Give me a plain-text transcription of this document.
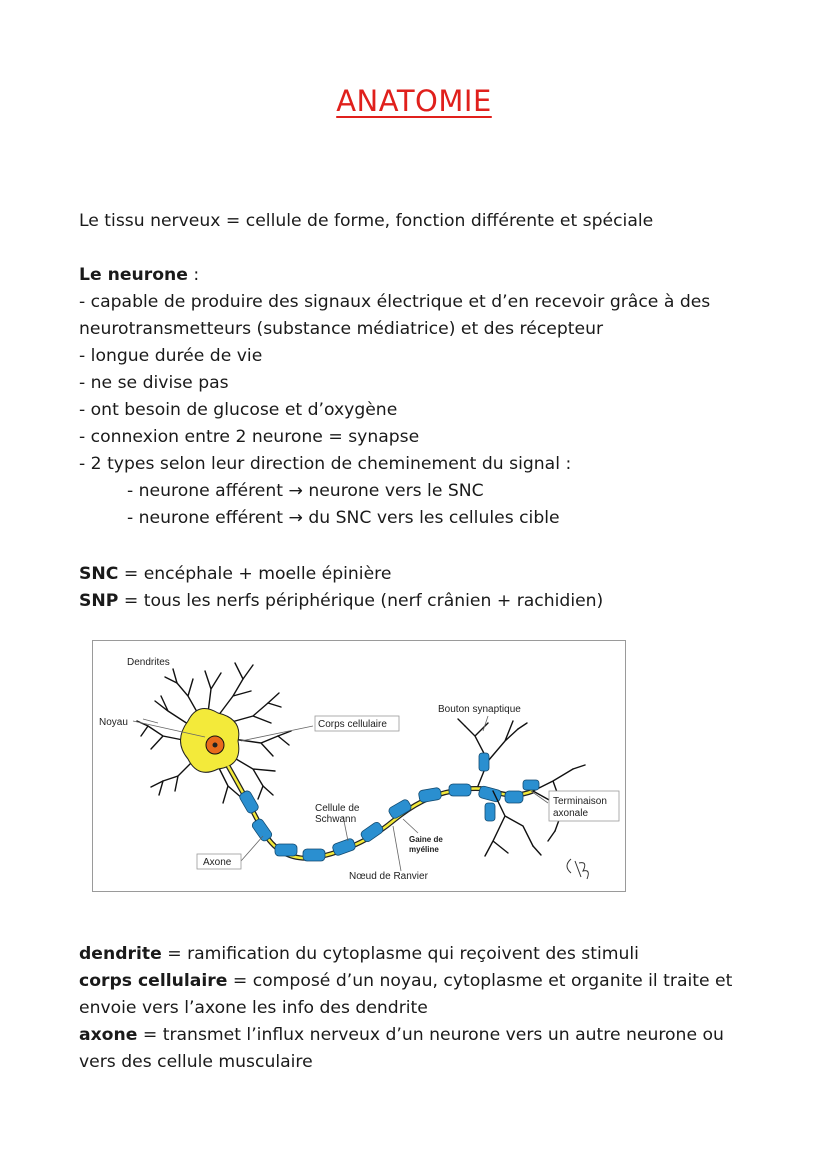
ANATOMIE

Le tissu nerveux = cellule de forme, fonction différente et spéciale

Le neurone :

- capable de produire des signaux électrique et d’en recevoir grâce à des

neurotransmetteurs (substance médiatrice) et des récepteur

- longue durée de vie

- ne se divise pas

- ont besoin de glucose et d’oxygène

- connexion entre 2 neurone = synapse

- 2 types selon leur direction de cheminement du signal :

- neurone afférent → neurone vers le SNC

- neurone efférent → du SNC vers les cellules cible

SNC = encéphale + moelle épinière

SNP = tous les nerfs périphérique (nerf crânien + rachidien)

Dendrites
Noyau	Corps cellulaire
Bouton synaptique
Cellule de
Schwann
Terminaison
axonale
Gaine de
myéline
Axone
Nœud de Ranvier

dendrite = ramification du cytoplasme qui reçoivent des stimuli

corps cellulaire = composé d’un noyau, cytoplasme et organite il traite et

envoie vers l’axone les info des dendrite

axone = transmet l’influx nerveux d’un neurone vers un autre neurone ou

vers des cellule musculaire
